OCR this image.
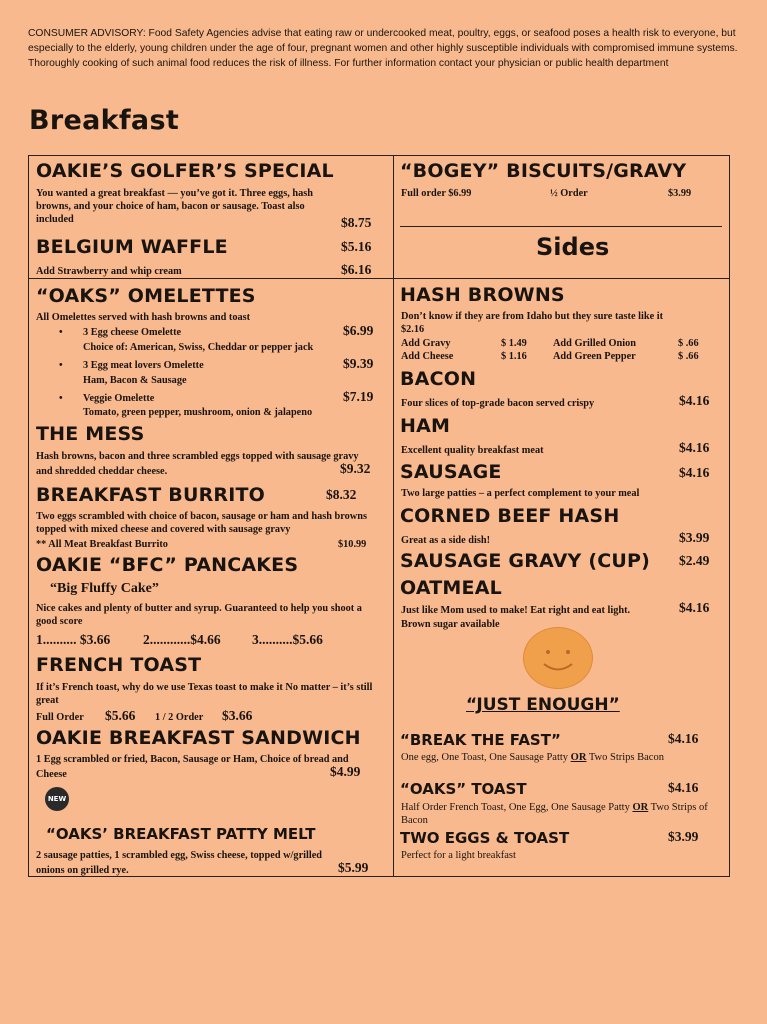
CONSUMER ADVISORY: Food Safety Agencies advise that eating raw or undercooked meat, poultry, eggs, or seafood poses a health risk to everyone, but especially to the elderly, young children under the age of four, pregnant women and other highly susceptible individuals with compromised immune systems. Thoroughly cooking of such animal food reduces the risk of illness. For further information contact your physician or public health department
Breakfast
OAKIE’S GOLFER’S SPECIAL
You wanted a great breakfast — you’ve got it. Three eggs, hash browns, and your choice of ham, bacon or sausage. Toast also included	$8.75
BELGIUM WAFFLE	$5.16
Add Strawberry and whip cream	$6.16
“BOGEY” BISCUITS/GRAVY
Full order $6.99	½ Order	$3.99
Sides
“OAKS” OMELETTES
All Omelettes served with hash browns and toast
• 3 Egg cheese Omelette	$6.99
Choice of: American, Swiss, Cheddar or pepper jack
• 3 Egg meat lovers Omelette	$9.39
Ham, Bacon & Sausage
• Veggie Omelette	$7.19
Tomato, green pepper, mushroom, onion & jalapeno
THE MESS
Hash browns, bacon and three scrambled eggs topped with sausage gravy and shredded cheddar cheese.	$9.32
BREAKFAST BURRITO	$8.32
Two eggs scrambled with choice of bacon, sausage or ham and hash browns topped with mixed cheese and covered with sausage gravy
** All Meat Breakfast Burrito	$10.99
OAKIE “BFC” PANCAKES
“Big Fluffy Cake”
Nice cakes and plenty of butter and syrup. Guaranteed to help you shoot a good score
1.......... $3.66 2............$4.66 3..........$5.66
FRENCH TOAST
If it’s French toast, why do we use Texas toast to make it No matter – it’s still great
Full Order $5.66 1 / 2 Order $3.66
OAKIE BREAKFAST SANDWICH
1 Egg scrambled or fried, Bacon, Sausage or Ham, Choice of bread and Cheese	$4.99
NEW
“OAKS’ BREAKFAST PATTY MELT
2 sausage patties, 1 scrambled egg, Swiss cheese, topped w/grilled onions on grilled rye.	$5.99
HASH BROWNS
Don’t know if they are from Idaho but they sure taste like it
$2.16
Add Gravy	$ 1.49	Add Grilled Onion	$ .66
Add Cheese	$ 1.16	Add Green Pepper	$ .66
BACON
Four slices of top-grade bacon served crispy	$4.16
HAM
Excellent quality breakfast meat	$4.16
SAUSAGE	$4.16
Two large patties – a perfect complement to your meal
CORNED BEEF HASH
Great as a side dish!	$3.99
SAUSAGE GRAVY (CUP) $2.49
OATMEAL
Just like Mom used to make! Eat right and eat light.	$4.16
Brown sugar available
“JUST ENOUGH”
“BREAK THE FAST”	$4.16
One egg, One Toast, One Sausage Patty OR Two Strips Bacon
“OAKS” TOAST	$4.16
Half Order French Toast, One Egg, One Sausage Patty OR Two Strips of Bacon
TWO EGGS & TOAST	$3.99
Perfect for a light breakfast
